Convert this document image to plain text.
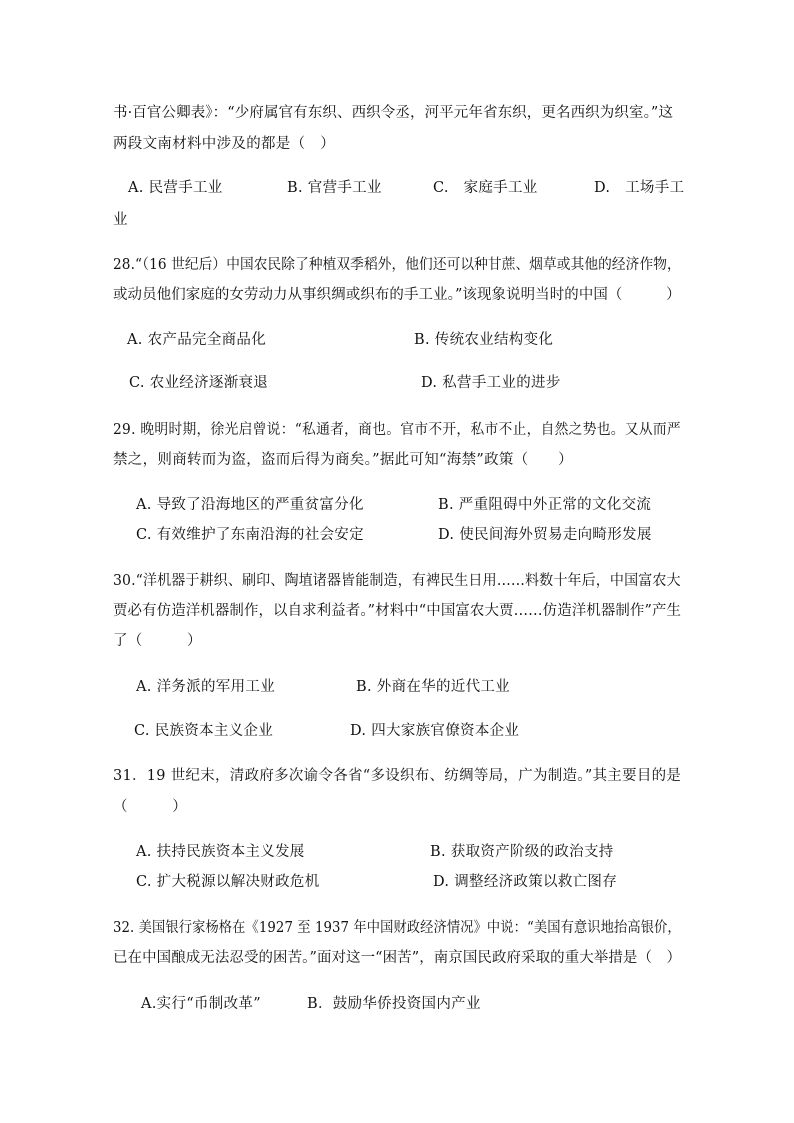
书·百官公卿表》：“少府属官有东织、西织令丞，河平元年省东织，更名西织为织室。”这
两段文南材料中涉及的都是（　）
A. 民营手工业	B. 官营手工业	C.　家庭手工业	D.　工场手工
业
28.“（16 世纪后）中国农民除了种植双季稻外，他们还可以种甘蔗、烟草或其他的经济作物，
或动员他们家庭的女劳动力从事织绸或织布的手工业。”该现象说明当时的中国（　　　）
A. 农产品完全商品化	B. 传统农业结构变化
C. 农业经济逐渐衰退	D. 私营手工业的进步
29. 晚明时期，徐光启曾说：“私通者，商也。官市不开，私市不止，自然之势也。又从而严
禁之，则商转而为盗，盗而后得为商矣。”据此可知“海禁”政策（　　）
A. 导致了沿海地区的严重贫富分化	B. 严重阻碍中外正常的文化交流
C. 有效维护了东南沿海的社会安定	D. 使民间海外贸易走向畸形发展
30.“洋机器于耕织、刷印、陶埴诸器皆能制造，有裨民生日用……料数十年后，中国富农大
贾必有仿造洋机器制作，以自求利益者。”材料中“中国富农大贾……仿造洋机器制作”产生
了（　　　）
A. 洋务派的军用工业	B. 外商在华的近代工业
C. 民族资本主义企业	D. 四大家族官僚资本企业
31．19 世纪末，清政府多次谕令各省“多设织布、纺绸等局，广为制造。”其主要目的是
（　　　）
A. 扶持民族资本主义发展	B. 获取资产阶级的政治支持
C. 扩大税源以解决财政危机	D. 调整经济政策以救亡图存
32. 美国银行家杨格在《1927 至 1937 年中国财政经济情况》中说：“美国有意识地抬高银价，
已在中国酿成无法忍受的困苦。”面对这一“困苦”，南京国民政府采取的重大举措是（　）
A.实行“币制改革”	B．鼓励华侨投资国内产业
